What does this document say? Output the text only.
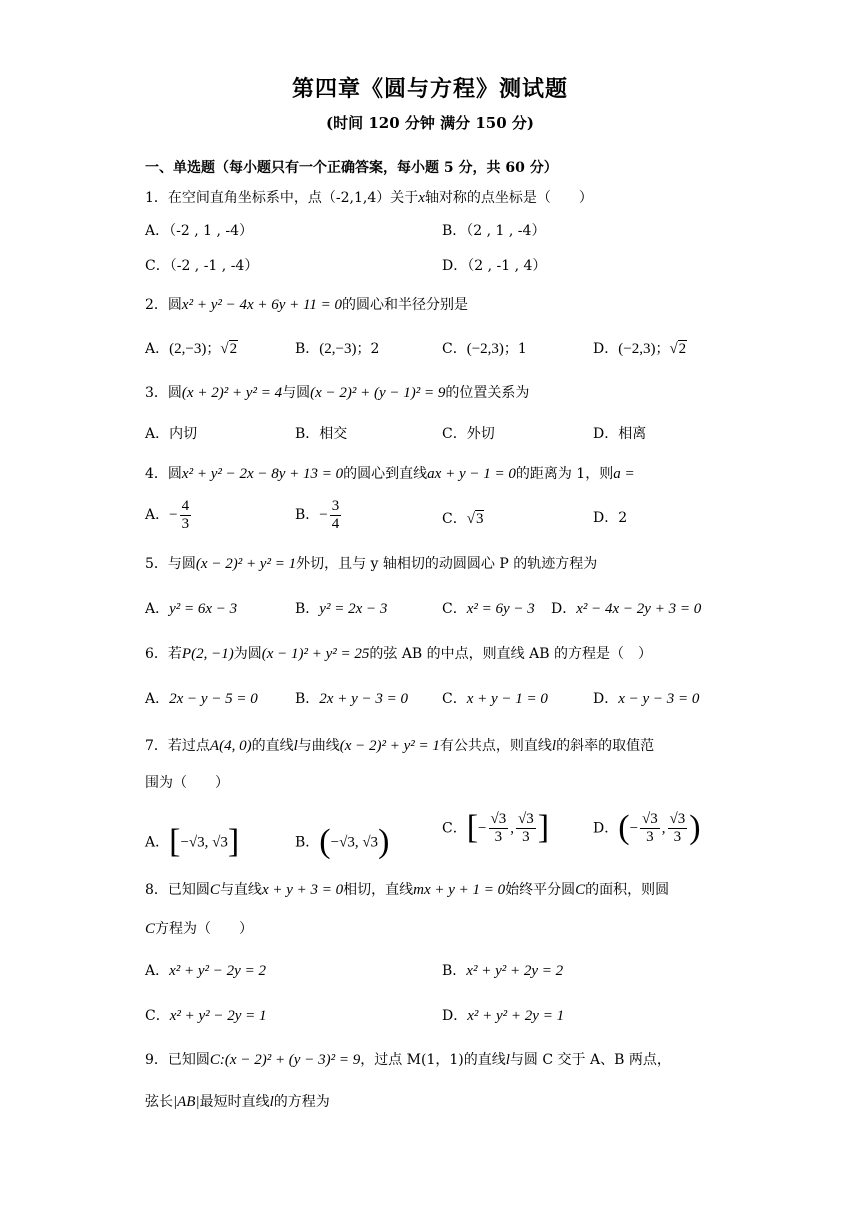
第四章《圆与方程》测试题
(时间 120 分钟 满分 150 分)
一、单选题（每小题只有一个正确答案，每小题 5 分，共 60 分）
1．在空间直角坐标系中，点（-2,1,4）关于x轴对称的点坐标是（　　）
A．（-2 , 1 , -4）	B．（2 , 1 , -4）
C．（-2 , -1 , -4）	D．（2 , -1 , 4）
2．圆x² + y² − 4x + 6y + 11 = 0的圆心和半径分别是
A．(2,−3)；√2	B．(2,−3)；2	C．(−2,3)；1	D．(−2,3)；√2
3．圆(x + 2)² + y² = 4与圆(x − 2)² + (y − 1)² = 9的位置关系为
A．内切	B．相交	C．外切	D．相离
4．圆x² + y² − 2x − 8y + 13 = 0的圆心到直线ax + y − 1 = 0的距离为 1，则a =
A．− $\frac{4}{3}$	B．− $\frac{3}{4}$	C．√3	D．2
5．与圆(x − 2)² + y² = 1外切，且与 y 轴相切的动圆圆心 P 的轨迹方程为
A．y² = 6x − 3	B．y² = 2x − 3	C．x² = 6y − 3 D．x² − 4x − 2y + 3 = 0
6．若P(2, −1)为圆(x − 1)² + y² = 25的弦 AB 的中点，则直线 AB 的方程是（　）
A．2x − y − 5 = 0	B．2x + y − 3 = 0 C．x + y − 1 = 0	D．x − y − 3 = 0
7．若过点A(4, 0)的直线l与曲线(x − 2)² + y² = 1有公共点，则直线l的斜率的取值范
围为（　　）
A．[−√3, √3]	B．(−√3, √3)	C．[− $\frac{√3}{3}$ , $\frac{√3}{3}$ ]	D．(− $\frac{√3}{3}$ , $\frac{√3}{3}$ )
8．已知圆C与直线x + y + 3 = 0相切，直线mx + y + 1 = 0始终平分圆C的面积，则圆
C方程为（　　）
A．x² + y² − 2y = 2	B．x² + y² + 2y = 2
C．x² + y² − 2y = 1	D．x² + y² + 2y = 1
9．已知圆C:(x − 2)² + (y − 3)² = 9，过点 M(1，1)的直线l与圆 C 交于 A、B 两点，
弦长|AB|最短时直线l的方程为
